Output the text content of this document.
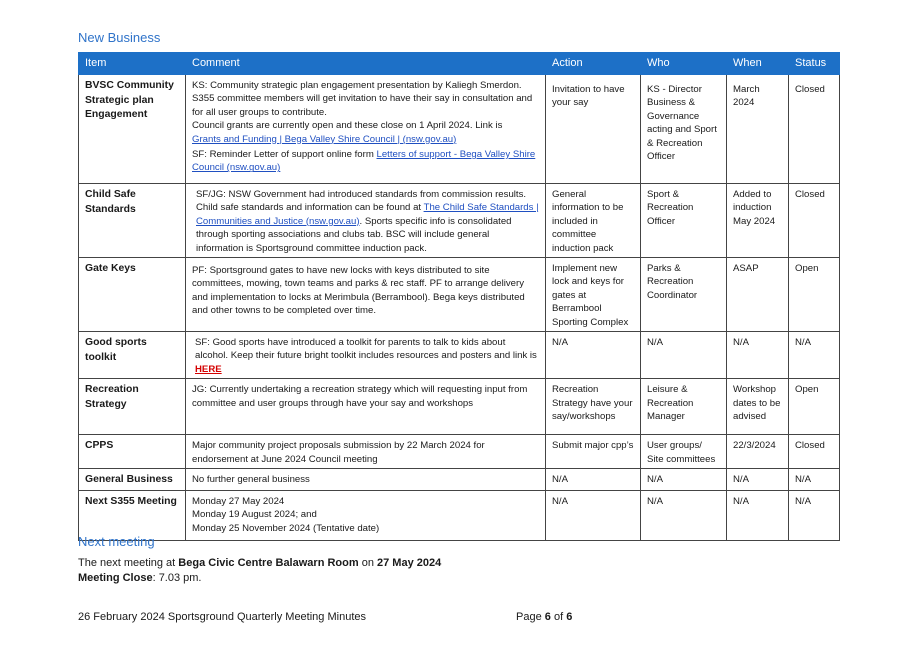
New Business
Item	Comment	Action	Who	When	Status
BVSC Community Strategic plan Engagement	KS: Community strategic plan engagement presentation by Kaliegh Smerdon. S355 committee members will get invitation to have their say in consultation and for all user groups to contribute.

Council grants are currently open and these close on 1 April 2024. Link is

Grants and Funding | Bega Valley Shire Council | (nsw.gov.au)

SF: Reminder Letter of support online form Letters of support - Bega Valley Shire Council (nsw.gov.au)	Invitation to have your say	KS - Director Business & Governance acting and Sport & Recreation Officer	March 2024	Closed
Child Safe Standards	SF/JG: NSW Government had introduced standards from commission results. Child safe standards and information can be found at The Child Safe Standards | Communities and Justice (nsw.gov.au). Sports specific info is consolidated through sporting associations and clubs tab. BSC will include general information is Sportsground committee induction pack.	General information to be included in committee induction pack	Sport & Recreation Officer	Added to induction May 2024	Closed
Gate Keys	PF: Sportsground gates to have new locks with keys distributed to site committees, mowing, town teams and parks & rec staff. PF to arrange delivery and implementation to locks at Merimbula (Berrambool). Bega keys distributed and other towns to be completed over time.	Implement new lock and keys for gates at Berrambool Sporting Complex	Parks & Recreation Coordinator	ASAP	Open
Good sports toolkit	SF: Good sports have introduced a toolkit for parents to talk to kids about alcohol. Keep their future bright toolkit includes resources and posters and link is HERE	N/A	N/A	N/A	N/A
Recreation Strategy	JG: Currently undertaking a recreation strategy which will requesting input from committee and user groups through have your say and workshops	Recreation Strategy have your say/workshops	Leisure & Recreation Manager	Workshop dates to be advised	Open
CPPS	Major community project proposals submission by 22 March 2024 for endorsement at June 2024 Council meeting	Submit major cpp’s	User groups/ Site committees	22/3/2024	Closed
General Business	No further general business	N/A	N/A	N/A	N/A
Next S355 Meeting	Monday 27 May 2024

Monday 19 August 2024; and

Monday 25 November 2024 (Tentative date)	N/A	N/A	N/A	N/A
Next meeting
The next meeting at Bega Civic Centre Balawarn Room on 27 May 2024
Meeting Close: 7.03 pm.
26 February 2024 Sportsground Quarterly Meeting Minutes	Page 6 of 6
